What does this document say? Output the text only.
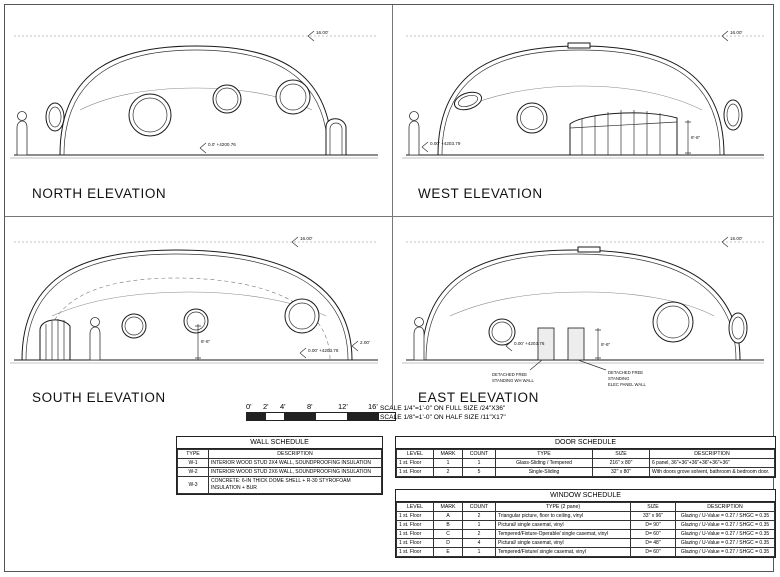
16.00'
0.0' +4200.76
NORTH ELEVATION
16.00'
0.00' +4203.79
8'-6"
WEST ELEVATION
16.00'
8'-6"	2.00'
0.00' +4203.76
SOUTH ELEVATION
16.00'
8'-6"
0.00' +4203.76
DETACHED FREE
STANDING WH WALL
DETACHED FREE
STANDING
ELEC PANEL WALL
EAST ELEVATION
0' 2' 4'	8'	12'	16' SCALE 1/4"=1'-0" ON FULL SIZE /24"X36"
SCALE 1/8"=1'-0" ON HALF SIZE /11"X17"
WALL SCHEDULE
TYPE	DESCRIPTION
W-1	INTERIOR WOOD STUD 2X4 WALL, SOUNDPROOFING INSULATION
W-2	INTERIOR WOOD STUD 2X6 WALL, SOUNDPROOFING INSULATION
W-3	CONCRETE: 6-IN THICK DOME SHELL + R-30 STYROFOAM INSULATION + BUR
DOOR SCHEDULE
LEVEL	MARK	COUNT	TYPE	SIZE	DESCRIPTION
1 st. Floor	1	1	Glass-Sliding / Tempered	216" x 80"	6 panel, 36"+36"+36"+36"+36"+36"
1 st. Floor	2	5	Single-Sliding	32" x 80"	With doors grove solvent, bathroom & bedroom door.
WINDOW SCHEDULE
LEVEL	MARK	COUNT	TYPE (2 pane)	SIZE	DESCRIPTION
1 st. Floor	A	2	Triangular picture, floor to ceiling, vinyl	33" x 96"	Glazing / U-Value = 0.27 / SHGC = 0.35
1 st. Floor	B	1	Pictural/ single casemat, vinyl	D= 90"	Glazing / U-Value = 0.27 / SHGC = 0.35
1 st. Floor	C	2	Tempered/Fixture-Operable/ single casemat, vinyl	D= 60"	Glazing / U-Value = 0.27 / SHGC = 0.35
1 st. Floor	D	4	Pictural/ single casemat, vinyl	D= 48"	Glazing / U-Value = 0.27 / SHGC = 0.35
1 st. Floor	E	1	Tempered/Fixture/ single casemat, vinyl	D= 60"	Glazing / U-Value = 0.27 / SHGC = 0.35
